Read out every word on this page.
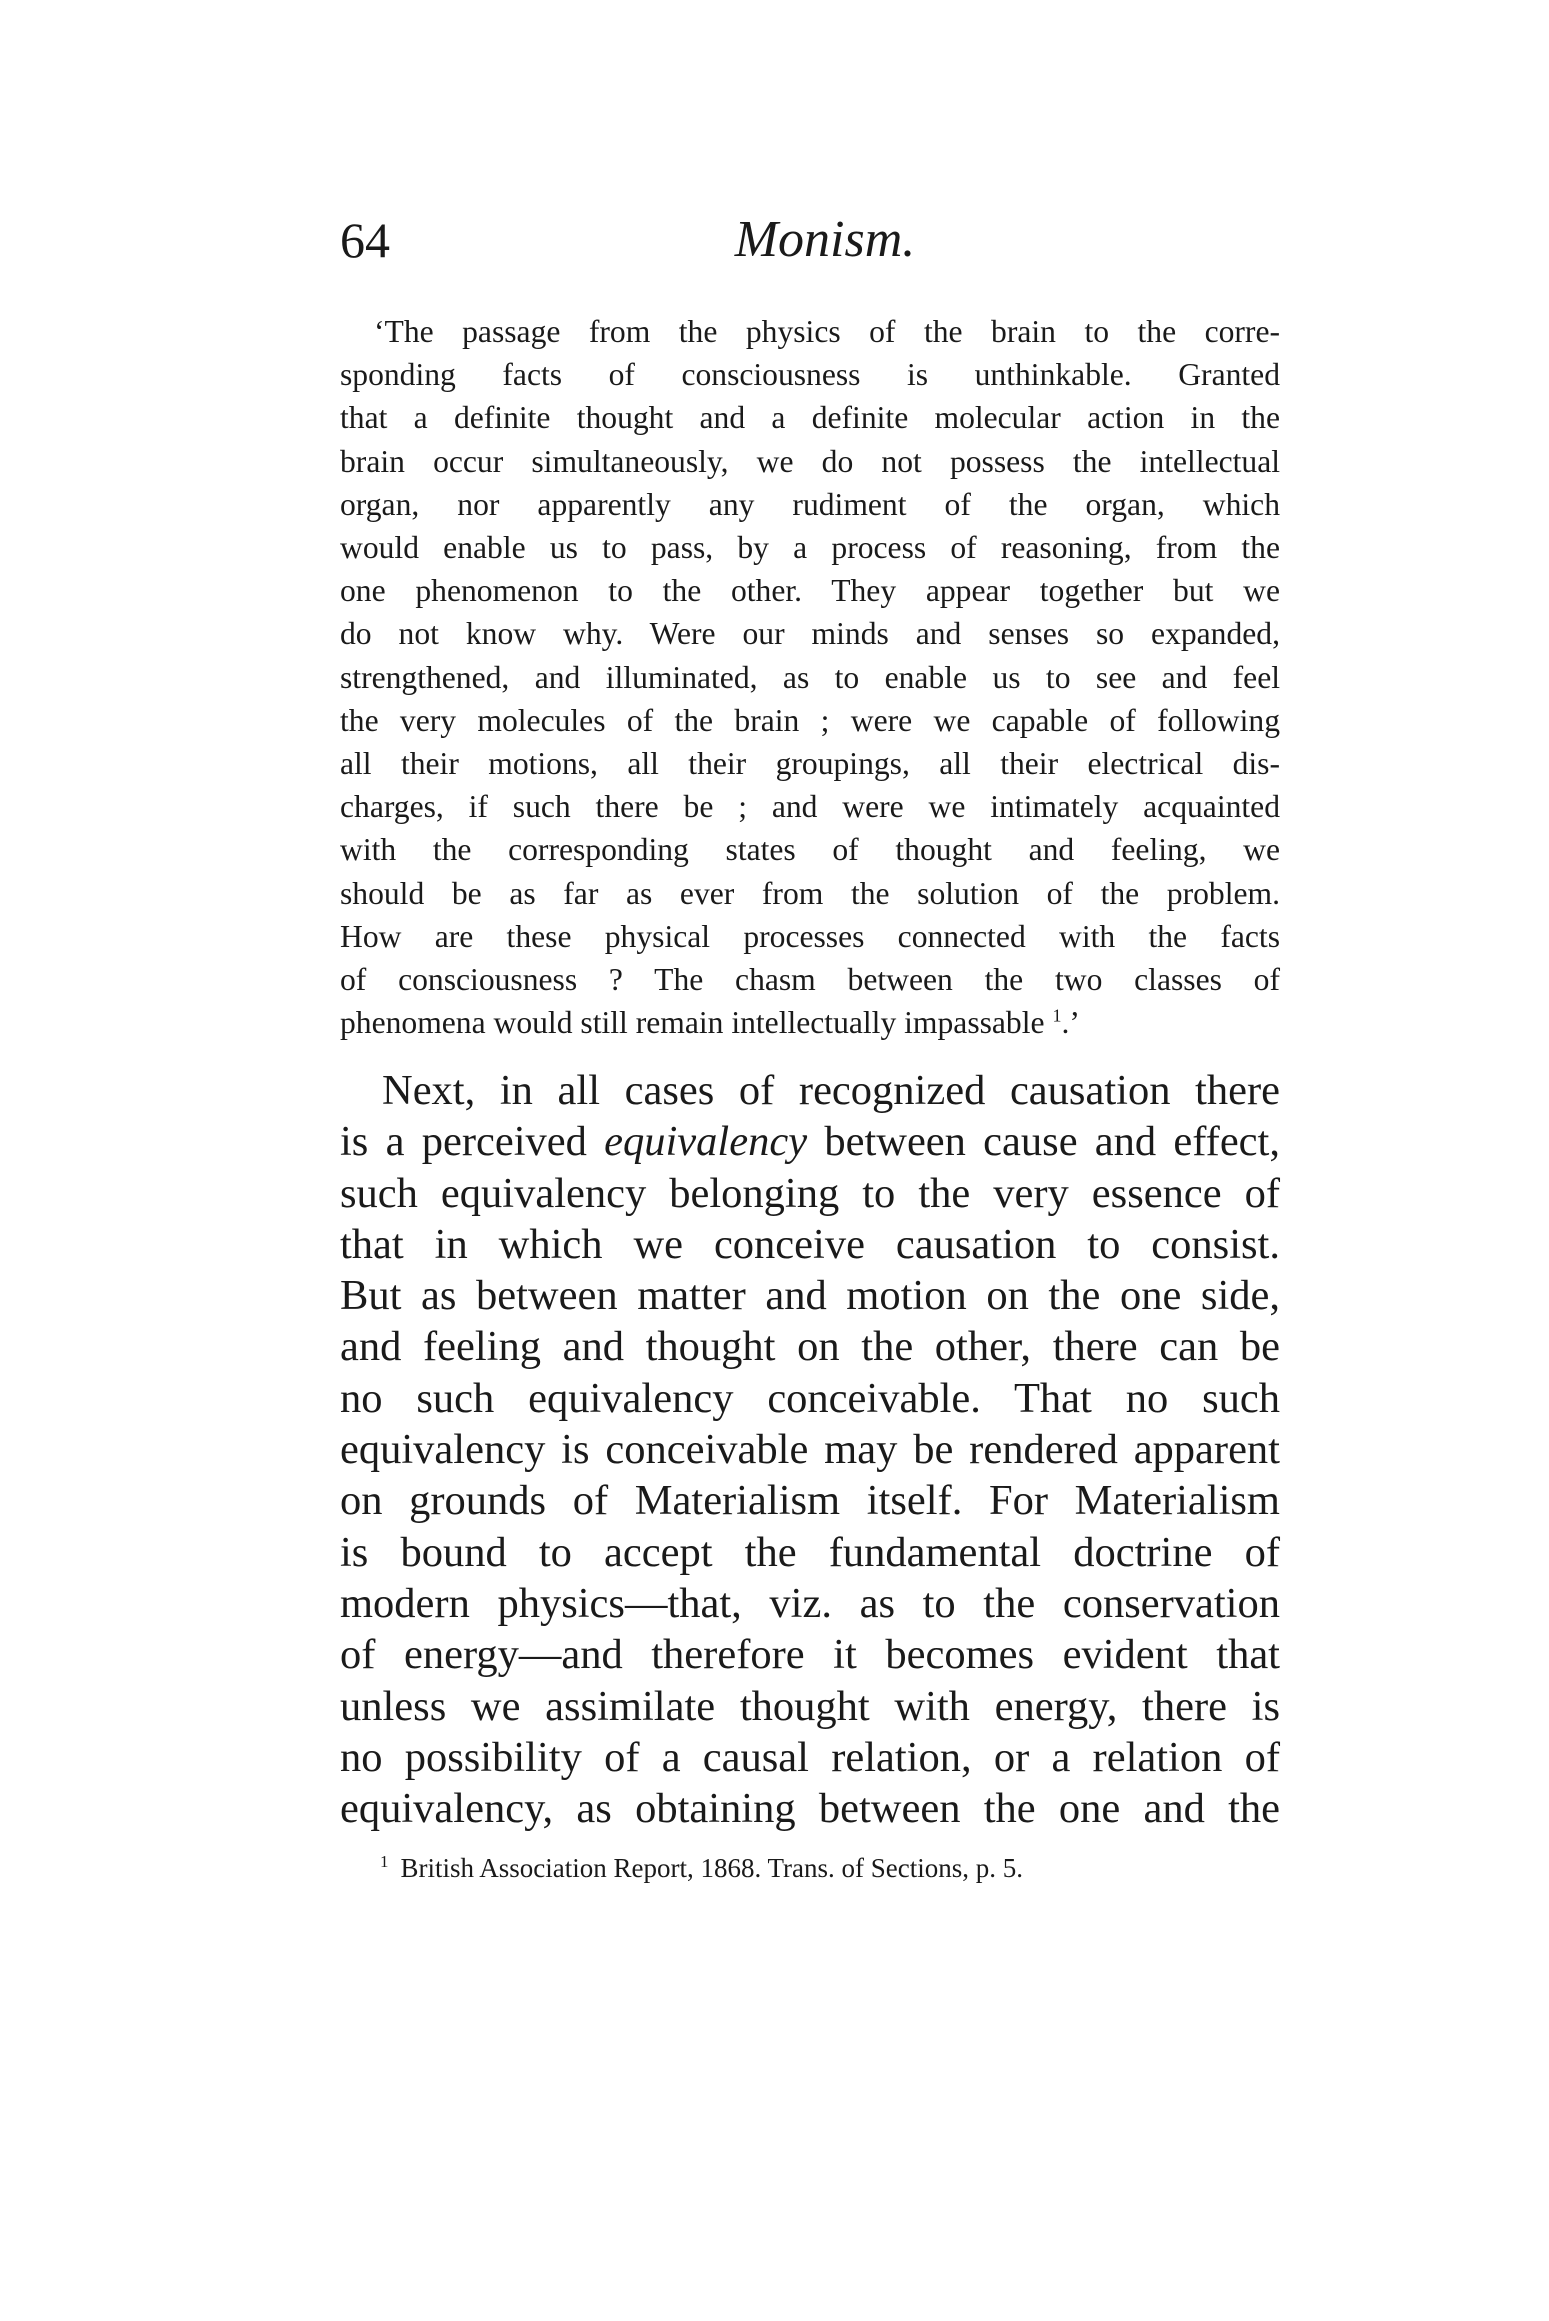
64	Monism.
‘The passage from the physics of the brain to the corre-
sponding facts of consciousness is unthinkable. Granted
that a definite thought and a definite molecular action in the
brain occur simultaneously, we do not possess the intellectual
organ, nor apparently any rudiment of the organ, which
would enable us to pass, by a process of reasoning, from the
one phenomenon to the other. They appear together but we
do not know why. Were our minds and senses so expanded,
strengthened, and illuminated, as to enable us to see and feel
the very molecules of the brain ; were we capable of following
all their motions, all their groupings, all their electrical dis-
charges, if such there be ; and were we intimately acquainted
with the corresponding states of thought and feeling, we
should be as far as ever from the solution of the problem.
How are these physical processes connected with the facts
of consciousness ? The chasm between the two classes of
phenomena would still remain intellectually impassable $^1$.’
Next, in all cases of recognized causation there
is a perceived equivalency between cause and effect,
such equivalency belonging to the very essence of
that in which we conceive causation to consist.
But as between matter and motion on the one side,
and feeling and thought on the other, there can be
no such equivalency conceivable. That no such
equivalency is conceivable may be rendered apparent
on grounds of Materialism itself. For Materialism
is bound to accept the fundamental doctrine of
modern physics—that, viz. as to the conservation
of energy—and therefore it becomes evident that
unless we assimilate thought with energy, there is
no possibility of a causal relation, or a relation of
equivalency, as obtaining between the one and the
$^1$ British Association Report, 1868. Trans. of Sections, p. 5.
